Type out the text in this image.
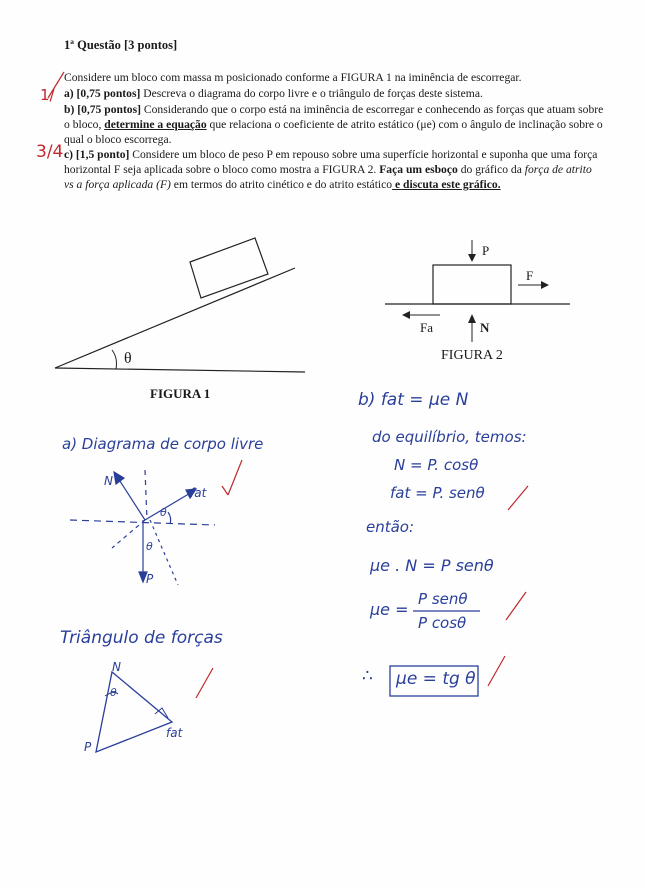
1ª Questão [3 pontos]
Considere um bloco com massa m posicionado conforme a FIGURA 1 na iminência de escorregar.
a) [0,75 pontos] Descreva o diagrama do corpo livre e o triângulo de forças deste sistema.
b) [0,75 pontos] Considerando que o corpo está na iminência de escorregar e conhecendo as forças que atuam sobre o bloco, determine a equação que relaciona o coeficiente de atrito estático (μe) com o ângulo de inclinação sobre o qual o bloco escorrega.
c) [1,5 ponto] Considere um bloco de peso P em repouso sobre uma superfície horizontal e suponha que uma força horizontal F seja aplicada sobre o bloco como mostra a FIGURA 2. Faça um esboço do gráfico da força de atrito vs a força aplicada (F) em termos do atrito cinético e do atrito estático e discuta este gráfico.
1/
3/4
θ
FIGURA 1
P
F
N
Fa
FIGURA 2
a) Diagrama de corpo livre
N
fat
θ
θ
P
Triângulo de forças
N
θ
P
fat
b) fat = μe N
do equilíbrio, temos:
N = P. cosθ
fat = P. senθ
então:
μe . N = P senθ
μe =
P senθ
P cosθ
∴ μe = tg θ
